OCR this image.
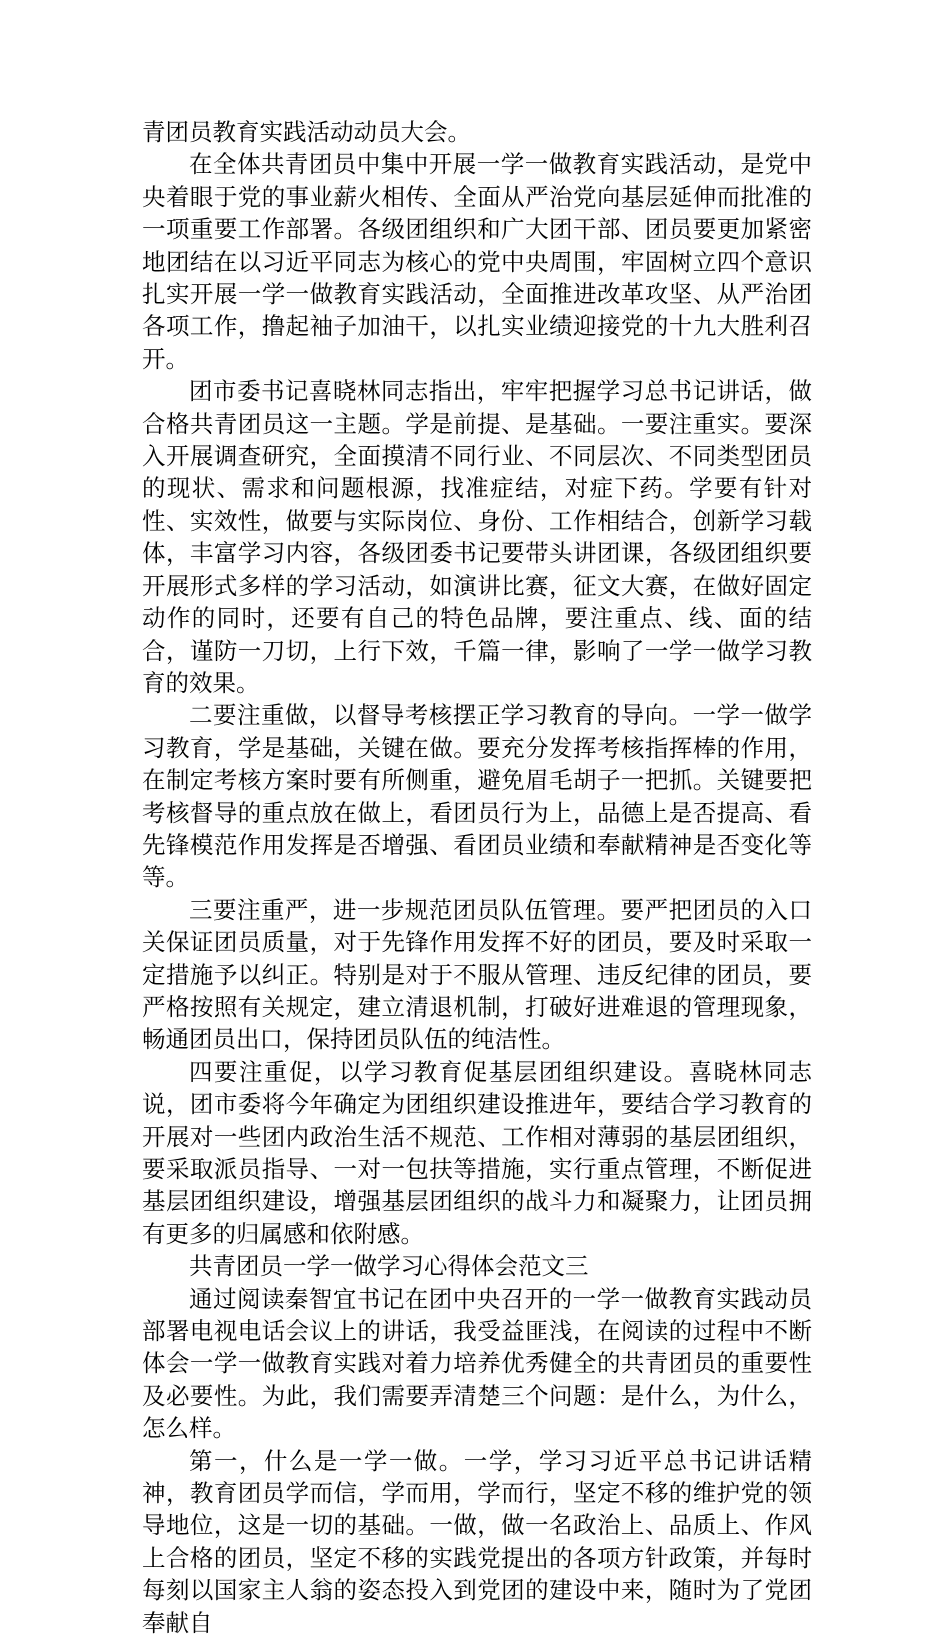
青团员教育实践活动动员大会。

在全体共青团员中集中开展一学一做教育实践活动，是党中央着眼于党的事业薪火相传、全面从严治党向基层延伸而批准的一项重要工作部署。各级团组织和广大团干部、团员要更加紧密地团结在以习近平同志为核心的党中央周围，牢固树立四个意识扎实开展一学一做教育实践活动，全面推进改革攻坚、从严治团各项工作，撸起袖子加油干，以扎实业绩迎接党的十九大胜利召开。

团市委书记喜晓林同志指出，牢牢把握学习总书记讲话，做合格共青团员这一主题。学是前提、是基础。一要注重实。要深入开展调查研究，全面摸清不同行业、不同层次、不同类型团员的现状、需求和问题根源，找准症结，对症下药。学要有针对性、实效性，做要与实际岗位、身份、工作相结合，创新学习载体，丰富学习内容，各级团委书记要带头讲团课，各级团组织要开展形式多样的学习活动，如演讲比赛，征文大赛，在做好固定动作的同时，还要有自己的特色品牌，要注重点、线、面的结合，谨防一刀切，上行下效，千篇一律，影响了一学一做学习教育的效果。

二要注重做，以督导考核摆正学习教育的导向。一学一做学习教育，学是基础，关键在做。要充分发挥考核指挥棒的作用，在制定考核方案时要有所侧重，避免眉毛胡子一把抓。关键要把考核督导的重点放在做上，看团员行为上，品德上是否提高、看先锋模范作用发挥是否增强、看团员业绩和奉献精神是否变化等等。

三要注重严，进一步规范团员队伍管理。要严把团员的入口关保证团员质量，对于先锋作用发挥不好的团员，要及时采取一定措施予以纠正。特别是对于不服从管理、违反纪律的团员，要严格按照有关规定，建立清退机制，打破好进难退的管理现象，畅通团员出口，保持团员队伍的纯洁性。

四要注重促，以学习教育促基层团组织建设。喜晓林同志说，团市委将今年确定为团组织建设推进年，要结合学习教育的开展对一些团内政治生活不规范、工作相对薄弱的基层团组织，要采取派员指导、一对一包扶等措施，实行重点管理，不断促进基层团组织建设，增强基层团组织的战斗力和凝聚力，让团员拥有更多的归属感和依附感。

共青团员一学一做学习心得体会范文三

通过阅读秦智宜书记在团中央召开的一学一做教育实践动员部署电视电话会议上的讲话，我受益匪浅，在阅读的过程中不断体会一学一做教育实践对着力培养优秀健全的共青团员的重要性及必要性。为此，我们需要弄清楚三个问题：是什么，为什么，怎么样。

第一，什么是一学一做。一学，学习习近平总书记讲话精神，教育团员学而信，学而用，学而行，坚定不移的维护党的领导地位，这是一切的基础。一做，做一名政治上、品质上、作风上合格的团员，坚定不移的实践党提出的各项方针政策，并每时每刻以国家主人翁的姿态投入到党团的建设中来，随时为了党团奉献自
